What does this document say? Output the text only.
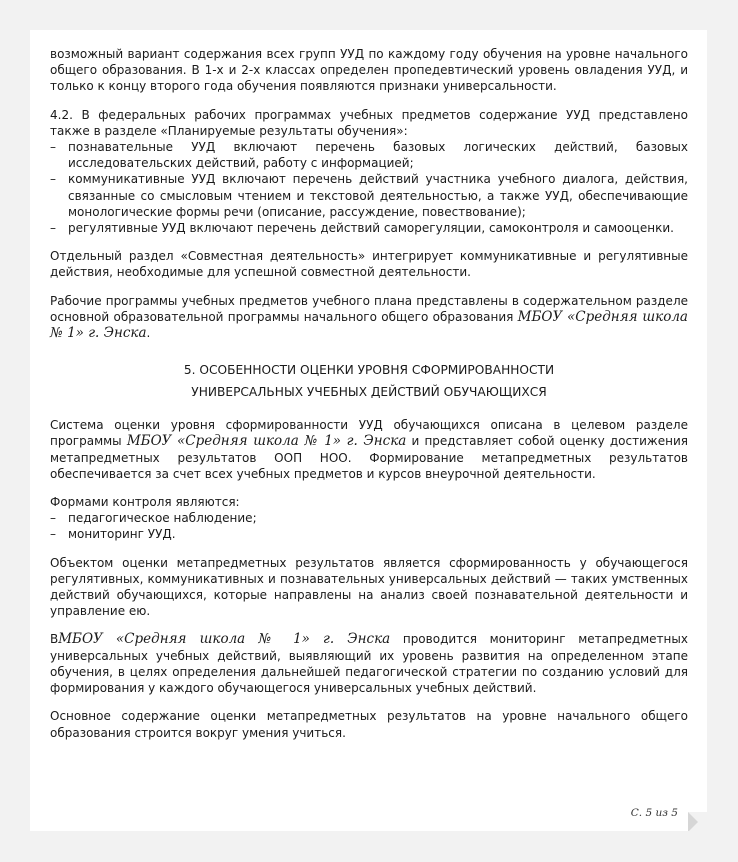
возможный вариант содержания всех групп УУД по каждому году обучения на уровне начального общего образования. В 1-х и 2-х классах определен пропедевтический уровень овладения УУД, и только к концу второго года обучения появляются признаки универсальности.

4.2. В федеральных рабочих программах учебных предметов содержание УУД представлено также в разделе «Планируемые результаты обучения»:

–	познавательные УУД включают перечень базовых логических действий, базовых исследовательских действий, работу с информацией;
–	коммуникативные УУД включают перечень действий участника учебного диалога, действия, связанные со смысловым чтением и текстовой деятельностью, а также УУД, обеспечивающие монологические формы речи (описание, рассуждение, повествование);
–	регулятивные УУД включают перечень действий саморегуляции, самоконтроля и самооценки.

Отдельный раздел «Совместная деятельность» интегрирует коммуникативные и регулятивные действия, необходимые для успешной совместной деятельности.

Рабочие программы учебных предметов учебного плана представлены в содержательном разделе основной образовательной программы начального общего образования МБОУ «Средняя школа № 1» г. Энска.

5. ОСОБЕННОСТИ ОЦЕНКИ УРОВНЯ СФОРМИРОВАННОСТИ
УНИВЕРСАЛЬНЫХ УЧЕБНЫХ ДЕЙСТВИЙ ОБУЧАЮЩИХСЯ

Система оценки уровня сформированности УУД обучающихся описана в целевом разделе программы МБОУ «Средняя школа № 1» г. Энска и представляет собой оценку достижения метапредметных результатов ООП НОО. Формирование метапредметных результатов обеспечивается за счет всех учебных предметов и курсов внеурочной деятельности.

Формами контроля являются:

–	педагогическое наблюдение;
–	мониторинг УУД.

Объектом оценки метапредметных результатов является сформированность у обучающегося регулятивных, коммуникативных и познавательных универсальных действий — таких умственных действий обучающихся, которые направлены на анализ своей познавательной деятельности и управление ею.

ВМБОУ «Средняя школа № 1» г. Энска проводится мониторинг метапредметных универсальных учебных действий, выявляющий их уровень развития на определенном этапе обучения, в целях определения дальнейшей педагогической стратегии по созданию условий для формирования у каждого обучающегося универсальных учебных действий.

Основное содержание оценки метапредметных результатов на уровне начального общего образования строится вокруг умения учиться.

С. 5 из 5
